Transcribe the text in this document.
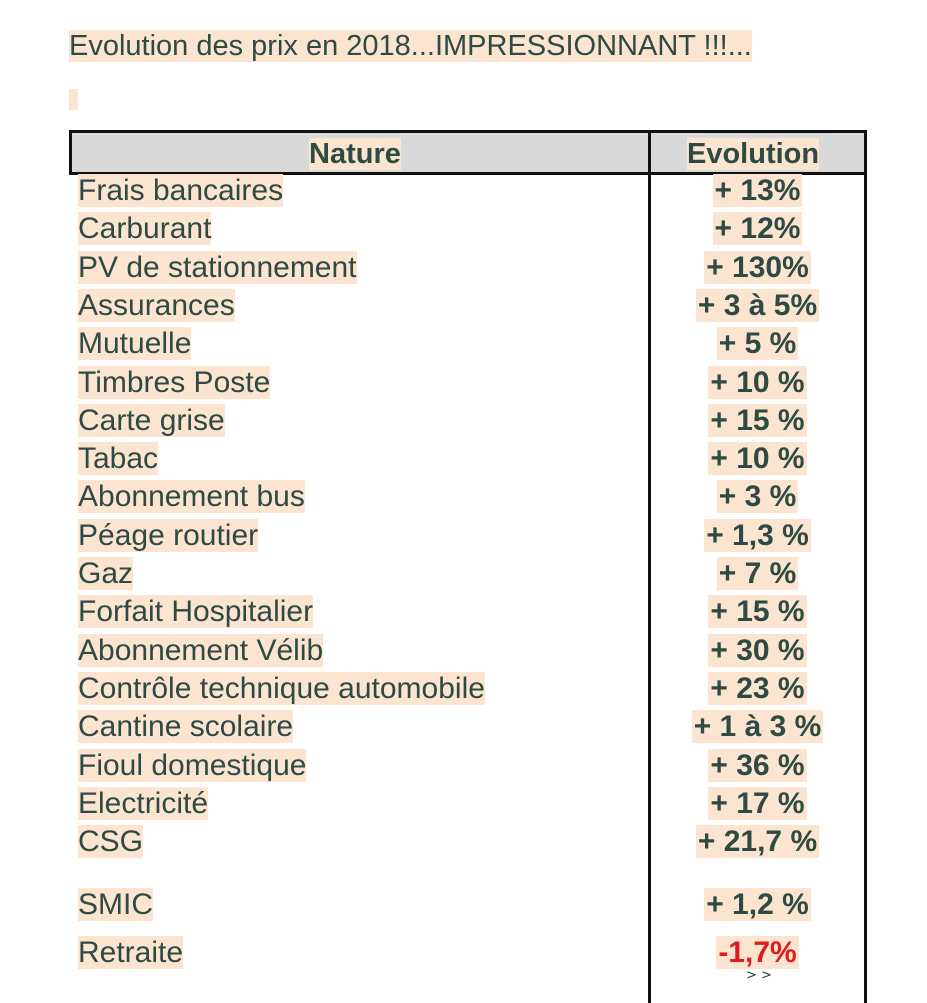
Evolution des prix en 2018...IMPRESSIONNANT !!!...
Nature	Evolution
Frais bancaires	+ 13%
Carburant	+ 12%
PV de stationnement	+ 130%
Assurances	+ 3 à 5%
Mutuelle	+ 5 %
Timbres Poste	+ 10 %
Carte grise	+ 15 %
Tabac	+ 10 %
Abonnement bus	+ 3 %
Péage routier	+ 1,3 %
Gaz	+ 7 %
Forfait Hospitalier	+ 15 %
Abonnement Vélib	+ 30 %
Contrôle technique automobile	+ 23 %
Cantine scolaire	+ 1 à 3 %
Fioul domestique	+ 36 %
Electricité	+ 17 %
CSG	+ 21,7 %
SMIC	+ 1,2 %
Retraite	-1,7%
> >
